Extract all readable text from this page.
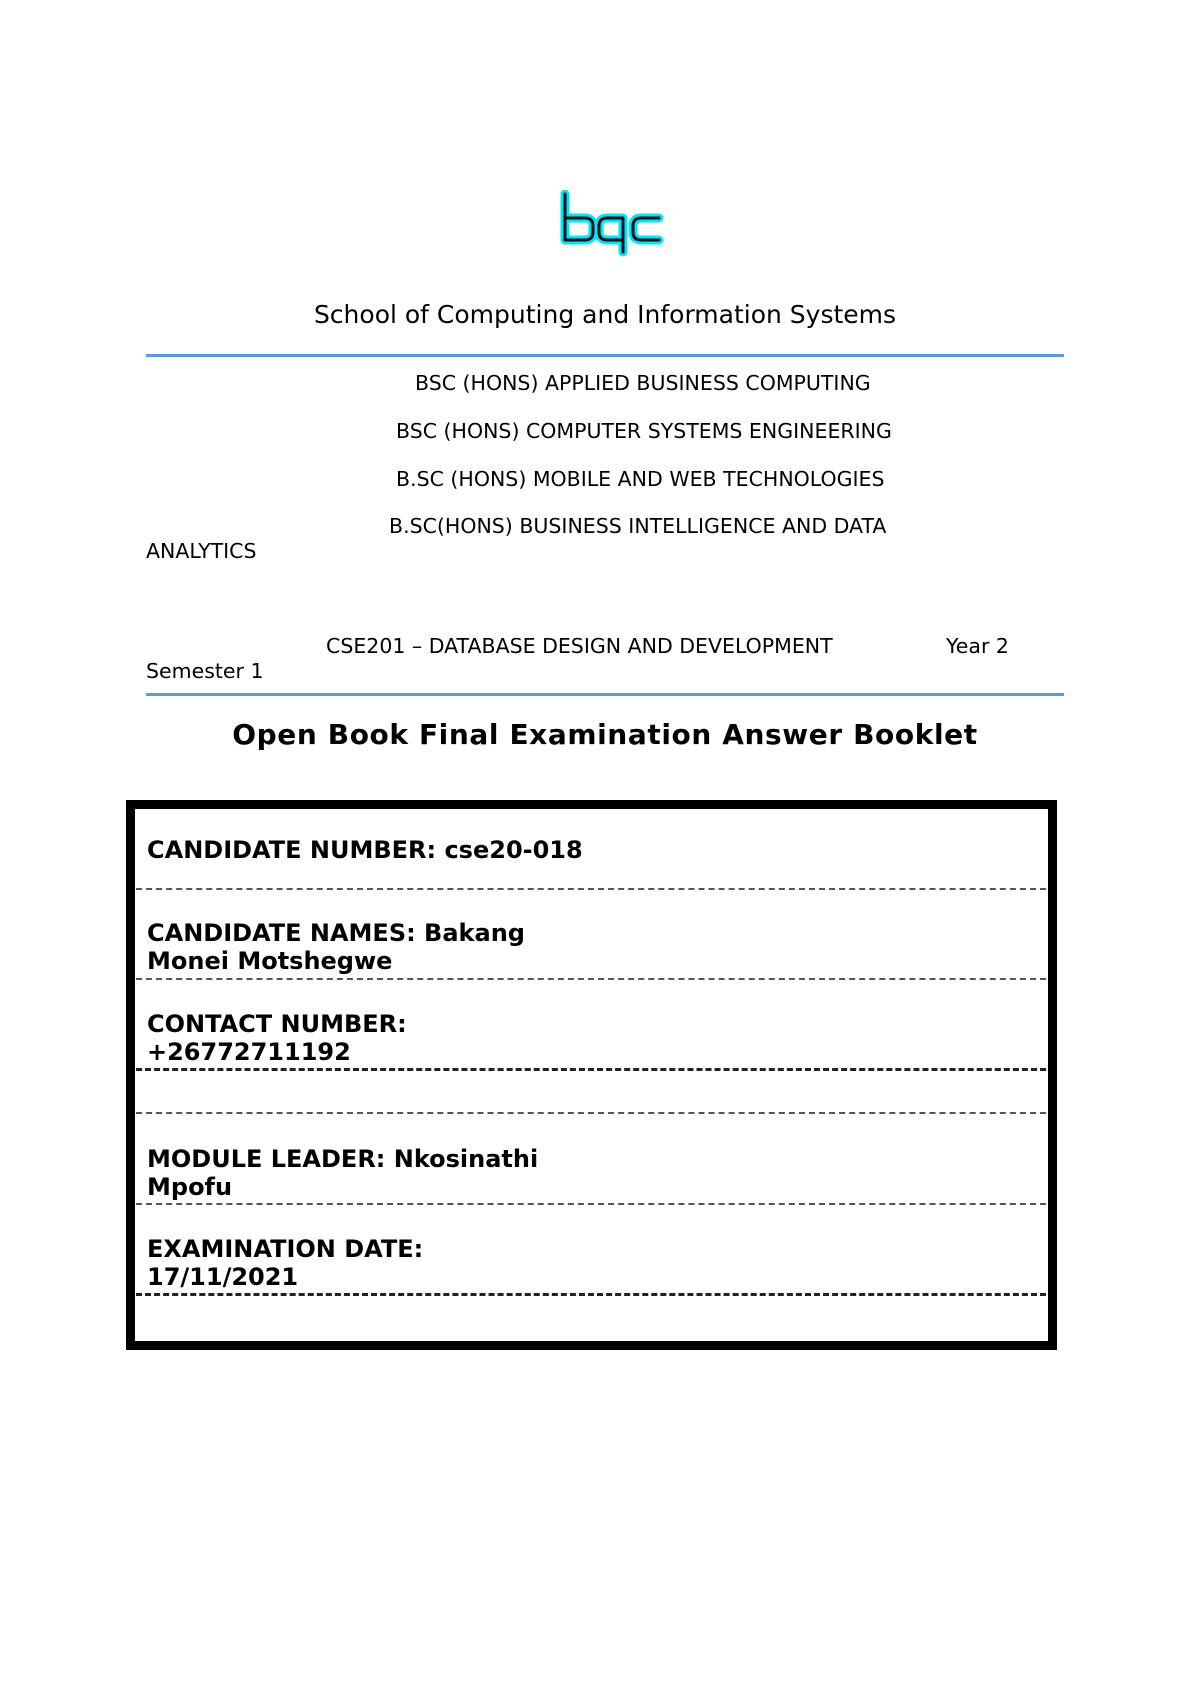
School of Computing and Information Systems
BSC (HONS) APPLIED BUSINESS COMPUTING
BSC (HONS) COMPUTER SYSTEMS ENGINEERING
B.SC (HONS) MOBILE AND WEB TECHNOLOGIES
B.SC(HONS) BUSINESS INTELLIGENCE AND DATA
ANALYTICS
CSE201 – DATABASE DESIGN AND DEVELOPMENT	Year 2
Semester 1
Open Book Final Examination Answer Booklet
CANDIDATE NUMBER: cse20-018
CANDIDATE NAMES: Bakang
Monei Motshegwe
CONTACT NUMBER:
+26772711192
MODULE LEADER: Nkosinathi
Mpofu
EXAMINATION DATE:
17/11/2021
